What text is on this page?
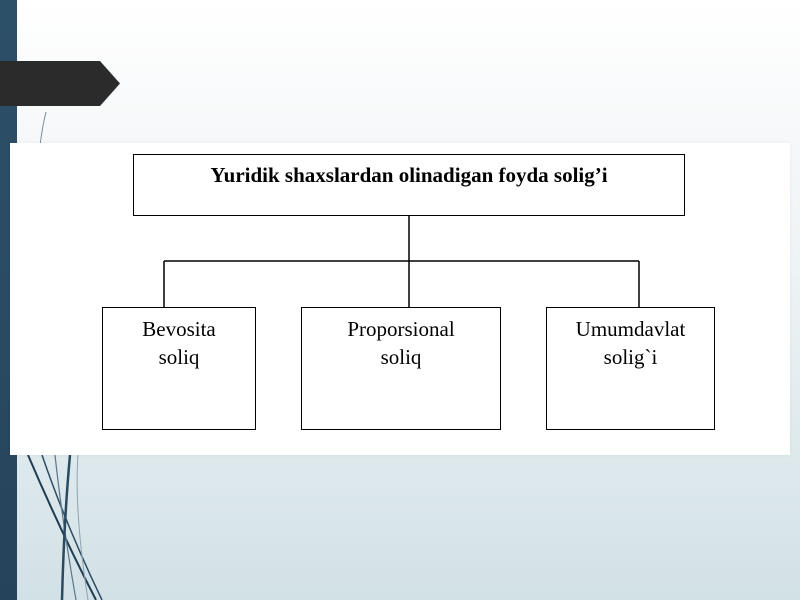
Yuridik shaxslardan olinadigan foyda solig’i
Bevosita
soliq
Proporsional
soliq
Umumdavlat
solig`i
